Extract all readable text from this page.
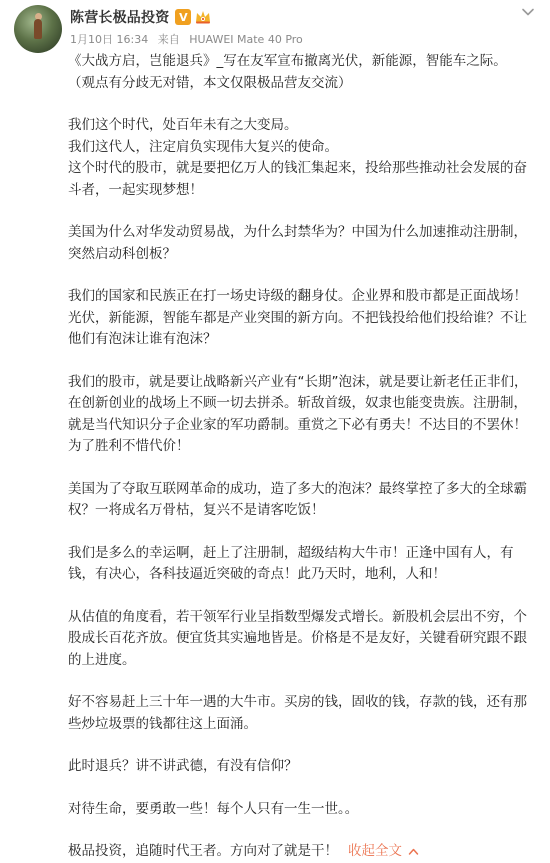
陈营长极品投资 V
1月10日 16:34 来自 HUAWEI Mate 40 Pro

《大战方启，岂能退兵》_写在友军宣布撤离光伏，新能源，智能车之际。

（观点有分歧无对错，本文仅限极品营友交流）

我们这个时代，处百年未有之大变局。

我们这代人，注定肩负实现伟大复兴的使命。

这个时代的股市，就是要把亿万人的钱汇集起来，投给那些推动社会发展的奋斗者，一起实现梦想！

美国为什么对华发动贸易战，为什么封禁华为？中国为什么加速推动注册制，突然启动科创板？

我们的国家和民族正在打一场史诗级的翻身仗。企业界和股市都是正面战场！光伏，新能源，智能车都是产业突围的新方向。不把钱投给他们投给谁？不让他们有泡沫让谁有泡沫？

我们的股市，就是要让战略新兴产业有“长期”泡沫，就是要让新老任正非们，在创新创业的战场上不顾一切去拼杀。斩敌首级，奴隶也能变贵族。注册制，就是当代知识分子企业家的军功爵制。重赏之下必有勇夫！不达目的不罢休！为了胜利不惜代价！

美国为了夺取互联网革命的成功，造了多大的泡沫？最终掌控了多大的全球霸权？一将成名万骨枯，复兴不是请客吃饭！

我们是多么的幸运啊，赶上了注册制，超级结构大牛市！正逢中国有人，有钱，有决心，各科技逼近突破的奇点！此乃天时，地利，人和！

从估值的角度看，若干领军行业呈指数型爆发式增长。新股机会层出不穷，个股成长百花齐放。便宜货其实遍地皆是。价格是不是友好，关键看研究跟不跟的上进度。

好不容易赶上三十年一遇的大牛市。买房的钱，固收的钱，存款的钱，还有那些炒垃圾票的钱都往这上面涌。

此时退兵？讲不讲武德，有没有信仰？

对待生命，要勇敢一些！每个人只有一生一世。。

极品投资，追随时代王者。方向对了就是干！ 收起全文
